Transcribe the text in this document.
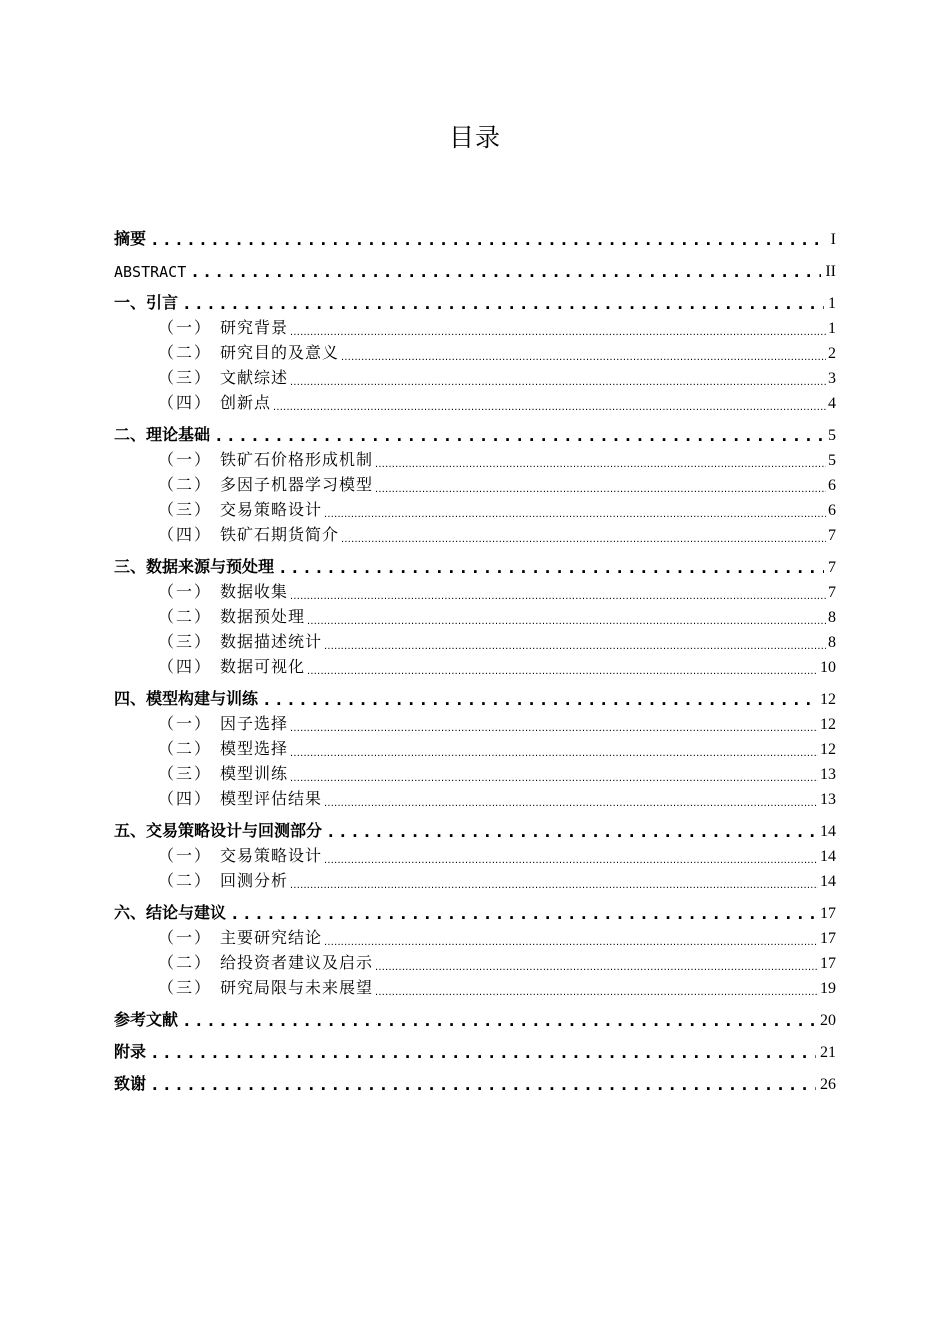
目录
摘要 .....	I
ABSTRACT .....	II
一、引言 .....	1
（一） 研究背景 .....	1
（二） 研究目的及意义 .....	2
（三） 文献综述 .....	3
（四） 创新点 .....	4
二、理论基础 .....	5
（一） 铁矿石价格形成机制 .....	5
（二） 多因子机器学习模型 .....	6
（三） 交易策略设计 .....	6
（四） 铁矿石期货简介 .....	7
三、数据来源与预处理 .....	7
（一） 数据收集 .....	7
（二） 数据预处理 .....	8
（三） 数据描述统计 .....	8
（四） 数据可视化 .....	10
四、模型构建与训练 .....	12
（一） 因子选择 .....	12
（二） 模型选择 .....	12
（三） 模型训练 .....	13
（四） 模型评估结果 .....	13
五、交易策略设计与回测部分 .....	14
（一） 交易策略设计 .....	14
（二） 回测分析 .....	14
六、结论与建议 .....	17
（一） 主要研究结论 .....	17
（二） 给投资者建议及启示 .....	17
（三） 研究局限与未来展望 .....	19
参考文献 .....	20
附录 .....	21
致谢 .....	26
